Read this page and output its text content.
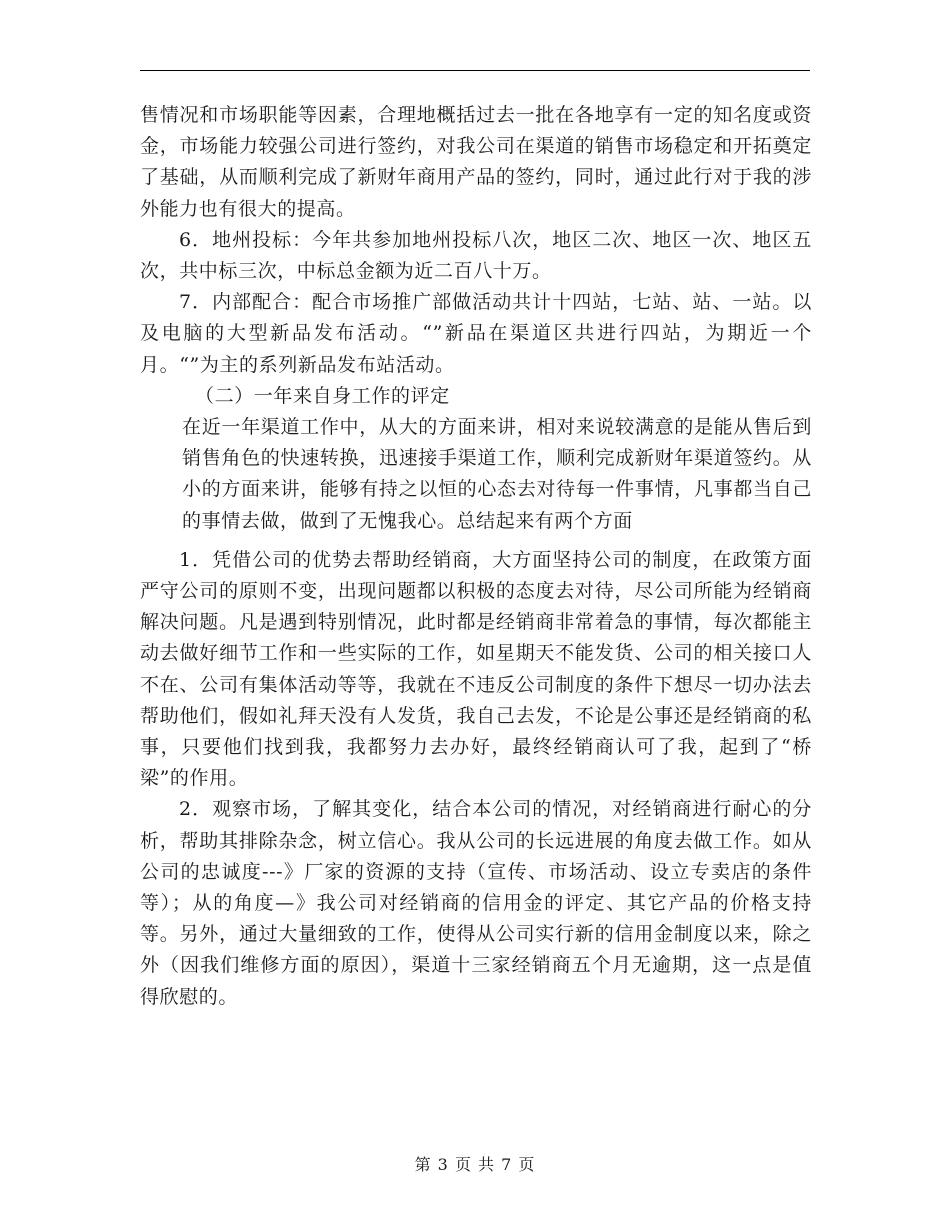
售情况和市场职能等因素，合理地概括过去一批在各地享有一定的知名度或资金，市场能力较强公司进行签约，对我公司在渠道的销售市场稳定和开拓奠定了基础，从而顺利完成了新财年商用产品的签约，同时，通过此行对于我的涉外能力也有很大的提高。

6．地州投标：今年共参加地州投标八次，地区二次、地区一次、地区五次，共中标三次，中标总金额为近二百八十万。

7．内部配合：配合市场推广部做活动共计十四站，七站、站、一站。以及电脑的大型新品发布活动。“”新品在渠道区共进行四站，为期近一个月。“”为主的系列新品发布站活动。

（二）一年来自身工作的评定

在近一年渠道工作中，从大的方面来讲，相对来说较满意的是能从售后到销售角色的快速转换，迅速接手渠道工作，顺利完成新财年渠道签约。从小的方面来讲，能够有持之以恒的心态去对待每一件事情，凡事都当自己的事情去做，做到了无愧我心。总结起来有两个方面

1．凭借公司的优势去帮助经销商，大方面坚持公司的制度，在政策方面严守公司的原则不变，出现问题都以积极的态度去对待，尽公司所能为经销商解决问题。凡是遇到特别情况，此时都是经销商非常着急的事情，每次都能主动去做好细节工作和一些实际的工作，如星期天不能发货、公司的相关接口人不在、公司有集体活动等等，我就在不违反公司制度的条件下想尽一切办法去帮助他们，假如礼拜天没有人发货，我自己去发，不论是公事还是经销商的私事，只要他们找到我，我都努力去办好，最终经销商认可了我，起到了“桥梁”的作用。

2．观察市场，了解其变化，结合本公司的情况，对经销商进行耐心的分析，帮助其排除杂念，树立信心。我从公司的长远进展的角度去做工作。如从公司的忠诚度---》厂家的资源的支持（宣传、市场活动、设立专卖店的条件等）；从的角度—》我公司对经销商的信用金的评定、其它产品的价格支持等。另外，通过大量细致的工作，使得从公司实行新的信用金制度以来，除之外（因我们维修方面的原因），渠道十三家经销商五个月无逾期，这一点是值得欣慰的。

第 3 页 共 7 页
